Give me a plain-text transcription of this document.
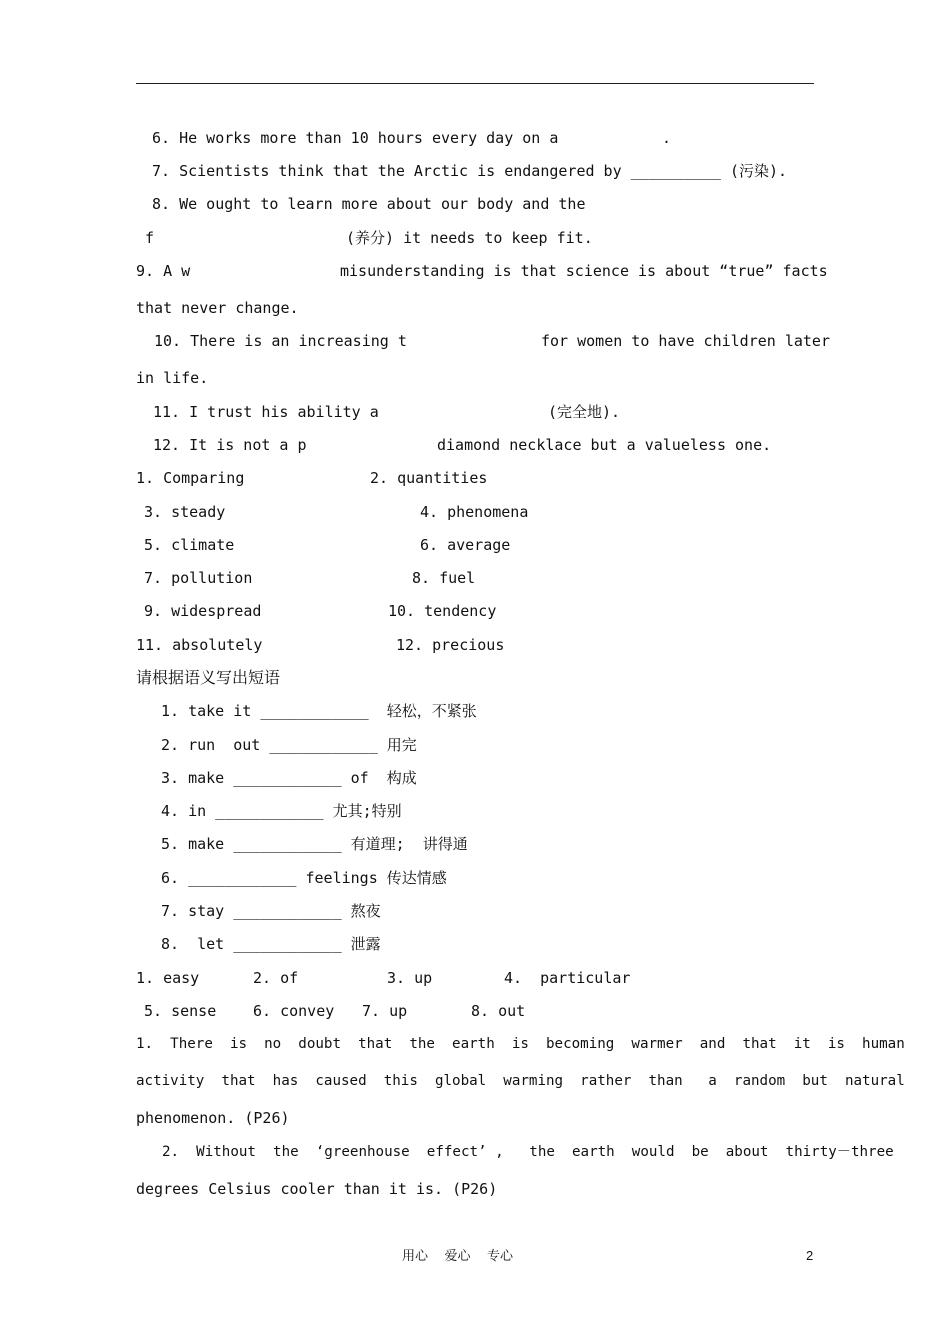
6. He works more than 10 hours every day on a	.
7. Scientists think that the Arctic is endangered by __________ (污染).
8. We ought to learn more about our body and the
f	(养分) it needs to keep fit.
9. A w	misunderstanding is that science is about “true” facts
that never change.
10. There is an increasing t	for women to have children later
in life.
11. I trust his ability a	(完全地).
12. It is not a p	diamond necklace but a valueless one.
1. Comparing	2. quantities
3. steady	4. phenomena
5. climate	6. average
7. pollution	8. fuel
9. widespread	10. tendency
11. absolutely	12. precious
请根据语义写出短语
1. take it ____________  轻松，不紧张
2. run  out ____________ 用完
3. make ____________ of  构成
4. in ____________ 尤其;特别
5. make ____________ 有道理;  讲得通
6. ____________ feelings 传达情感
7. stay ____________ 熬夜
8.  let ____________ 泄露
1. easy	2. of	3. up	4.  particular
5. sense 6. convey 7. up	8. out
1.  There  is  no  doubt  that  the  earth  is  becoming  warmer  and  that  it  is  human
activity  that  has  caused  this  global  warming  rather  than   a  random  but  natural
phenomenon. (P26)
2.  Without  the  ‘greenhouse  effect’ ,   the  earth  would  be  about  thirty－three
degrees Celsius cooler than it is. (P26)
用心    爱心    专心	2
